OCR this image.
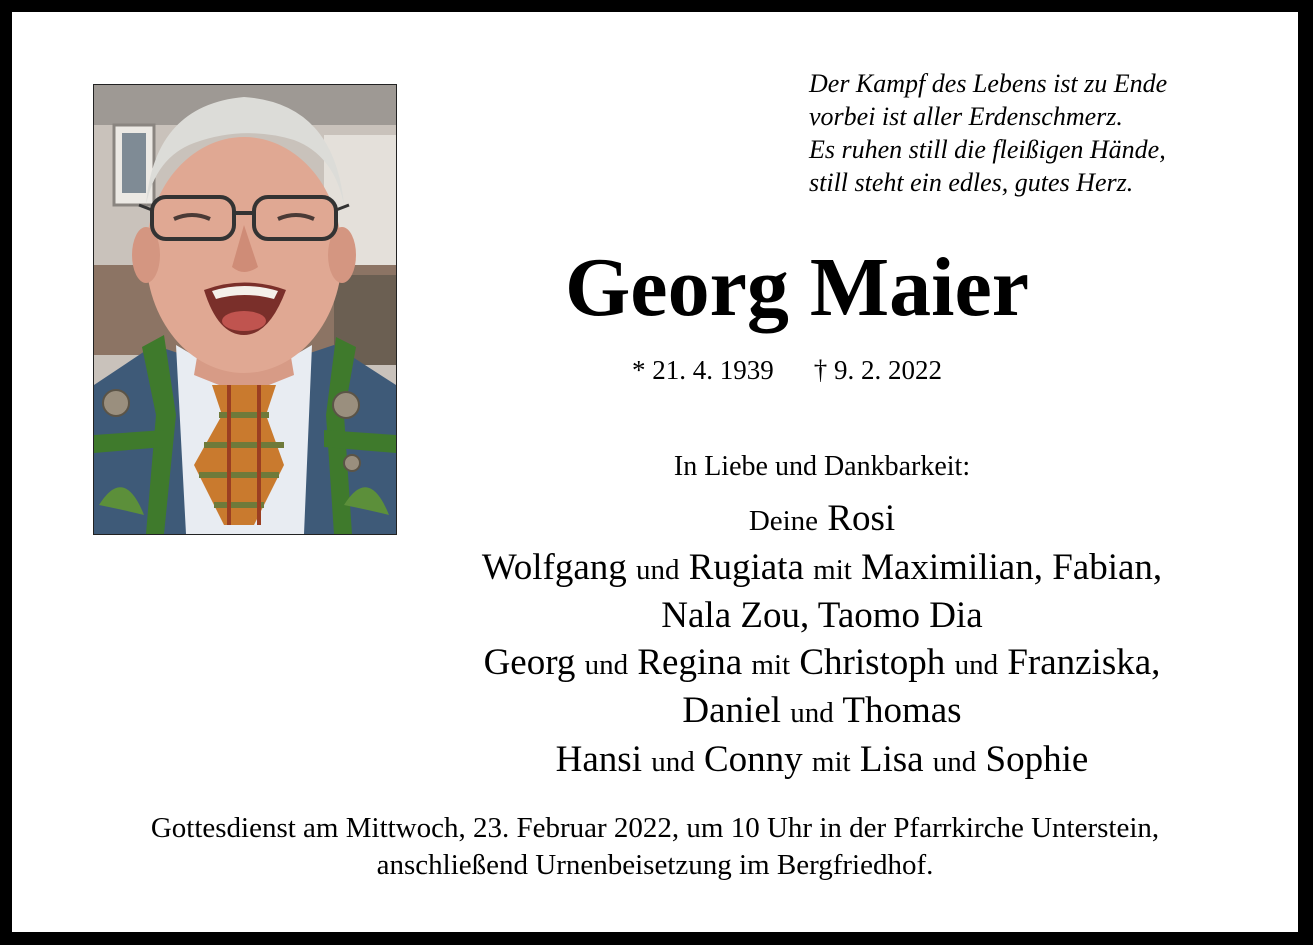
Der Kampf des Lebens ist zu Ende
vorbei ist aller Erdenschmerz.
Es ruhen still die fleißigen Hände,
still steht ein edles, gutes Herz.
Georg Maier
* 21. 4. 1939 † 9. 2. 2022
In Liebe und Dankbarkeit:
Deine Rosi
Wolfgang und Rugiata mit Maximilian, Fabian,
Nala Zou, Taomo Dia
Georg und Regina mit Christoph und Franziska,
Daniel und Thomas
Hansi und Conny mit Lisa und Sophie
Gottesdienst am Mittwoch, 23. Februar 2022, um 10 Uhr in der Pfarrkirche Unterstein,
anschließend Urnenbeisetzung im Bergfriedhof.
